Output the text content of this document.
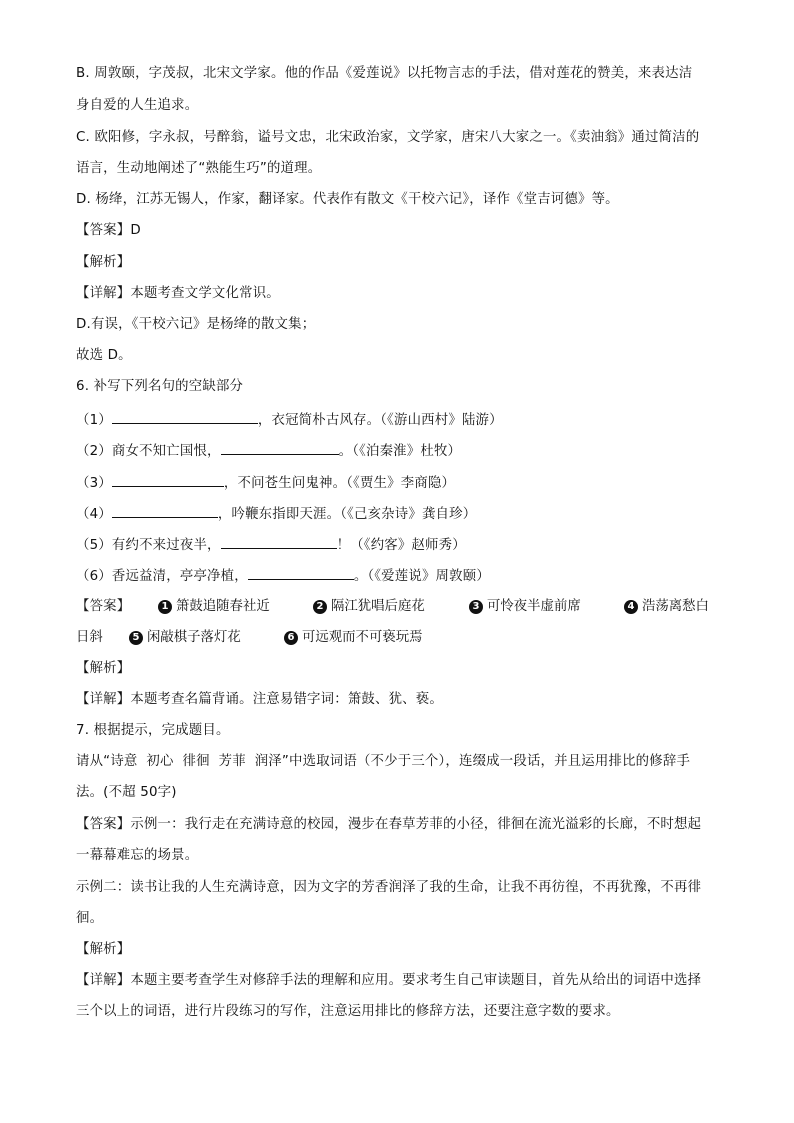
B. 周敦颐，字茂叔，北宋文学家。他的作品《爱莲说》以托物言志的手法，借对莲花的赞美，来表达洁
身自爱的人生追求。
C. 欧阳修，字永叔，号醉翁，谥号文忠，北宋政治家，文学家，唐宋八大家之一。《卖油翁》通过简洁的
语言，生动地阐述了“熟能生巧”的道理。
D. 杨绛，江苏无锡人，作家，翻译家。代表作有散文《干校六记》，译作《堂吉诃德》等。
【答案】D
【解析】
【详解】本题考查文学文化常识。
D.有误，《干校六记》是杨绛的散文集；
故选 D。
6. 补写下列名句的空缺部分
（1）	，衣冠简朴古风存。（《游山西村》陆游）
（2）商女不知亡国恨，	。（《泊秦淮》杜牧）
（3）	，不问苍生问鬼神。（《贾生》李商隐）
（4）	，吟鞭东指即天涯。（《己亥杂诗》龚自珍）
（5）有约不来过夜半，	！（《约客》赵师秀）
（6）香远益清，亭亭净植，	。（《爱莲说》周敦颐）
【答案】	1 箫鼓追随春社近	2 隔江犹唱后庭花	3 可怜夜半虚前席	4 浩荡离愁白
日斜	5 闲敲棋子落灯花	6 可远观而不可亵玩焉
【解析】
【详解】本题考查名篇背诵。注意易错字词：箫鼓、犹、亵。
7. 根据提示，完成题目。
请从“诗意  初心  徘徊  芳菲  润泽”中选取词语（不少于三个），连缀成一段话，并且运用排比的修辞手
法。(不超 50字)
【答案】示例一：我行走在充满诗意的校园，漫步在春草芳菲的小径，徘徊在流光溢彩的长廊，不时想起
一幕幕难忘的场景。
示例二：读书让我的人生充满诗意，因为文字的芳香润泽了我的生命，让我不再彷徨，不再犹豫，不再徘
徊。
【解析】
【详解】本题主要考查学生对修辞手法的理解和应用。要求考生自己审读题目，首先从给出的词语中选择
三个以上的词语，进行片段练习的写作，注意运用排比的修辞方法，还要注意字数的要求。
